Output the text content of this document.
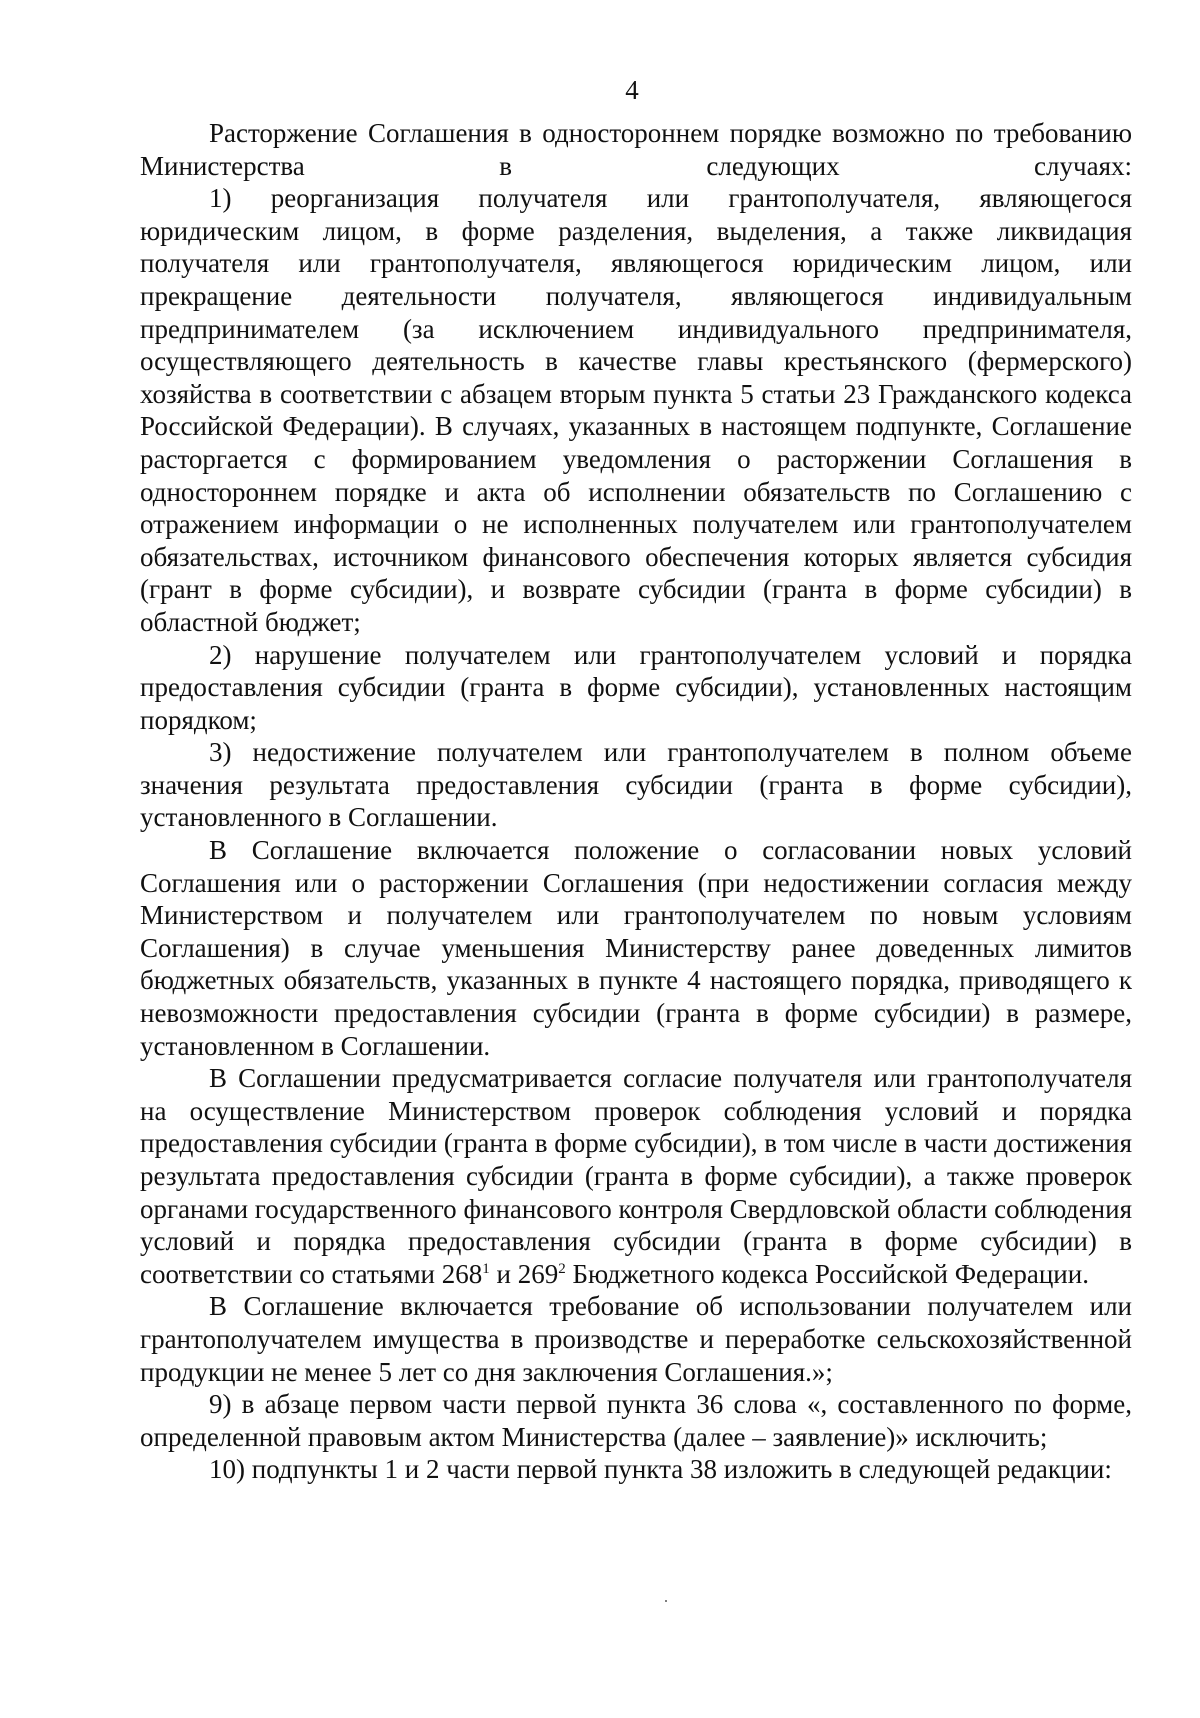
4

Расторжение Соглашения в одностороннем порядке возможно по требованию Министерства в следующих случаях:

1) реорганизация получателя или грантополучателя, являющегося юридическим лицом, в форме разделения, выделения, а также ликвидация получателя или грантополучателя, являющегося юридическим лицом, или прекращение деятельности получателя, являющегося индивидуальным предпринимателем (за исключением индивидуального предпринимателя, осуществляющего деятельность в качестве главы крестьянского (фермерского) хозяйства в соответствии с абзацем вторым пункта 5 статьи 23 Гражданского кодекса Российской Федерации). В случаях, указанных в настоящем подпункте, Соглашение расторгается с формированием уведомления о расторжении Соглашения в одностороннем порядке и акта об исполнении обязательств по Соглашению с отражением информации о не исполненных получателем или грантополучателем обязательствах, источником финансового обеспечения которых является субсидия (грант в форме субсидии), и возврате субсидии (гранта в форме субсидии) в областной бюджет;

2) нарушение получателем или грантополучателем условий и порядка предоставления субсидии (гранта в форме субсидии), установленных настоящим порядком;

3) недостижение получателем или грантополучателем в полном объеме значения результата предоставления субсидии (гранта в форме субсидии), установленного в Соглашении.

В Соглашение включается положение о согласовании новых условий Соглашения или о расторжении Соглашения (при недостижении согласия между Министерством и получателем или грантополучателем по новым условиям Соглашения) в случае уменьшения Министерству ранее доведенных лимитов бюджетных обязательств, указанных в пункте 4 настоящего порядка, приводящего к невозможности предоставления субсидии (гранта в форме субсидии) в размере, установленном в Соглашении.

В Соглашении предусматривается согласие получателя или грантополучателя на осуществление Министерством проверок соблюдения условий и порядка предоставления субсидии (гранта в форме субсидии), в том числе в части достижения результата предоставления субсидии (гранта в форме субсидии), а также проверок органами государственного финансового контроля Свердловской области соблюдения условий и порядка предоставления субсидии (гранта в форме субсидии) в соответствии со статьями $268^1$ и $269^2$ Бюджетного кодекса Российской Федерации.

В Соглашение включается требование об использовании получателем или грантополучателем имущества в производстве и переработке сельскохозяйственной продукции не менее 5 лет со дня заключения Соглашения.»;

9) в абзаце первом части первой пункта 36 слова «, составленного по форме, определенной правовым актом Министерства (далее – заявление)» исключить;

10) подпункты 1 и 2 части первой пункта 38 изложить в следующей редакции:
